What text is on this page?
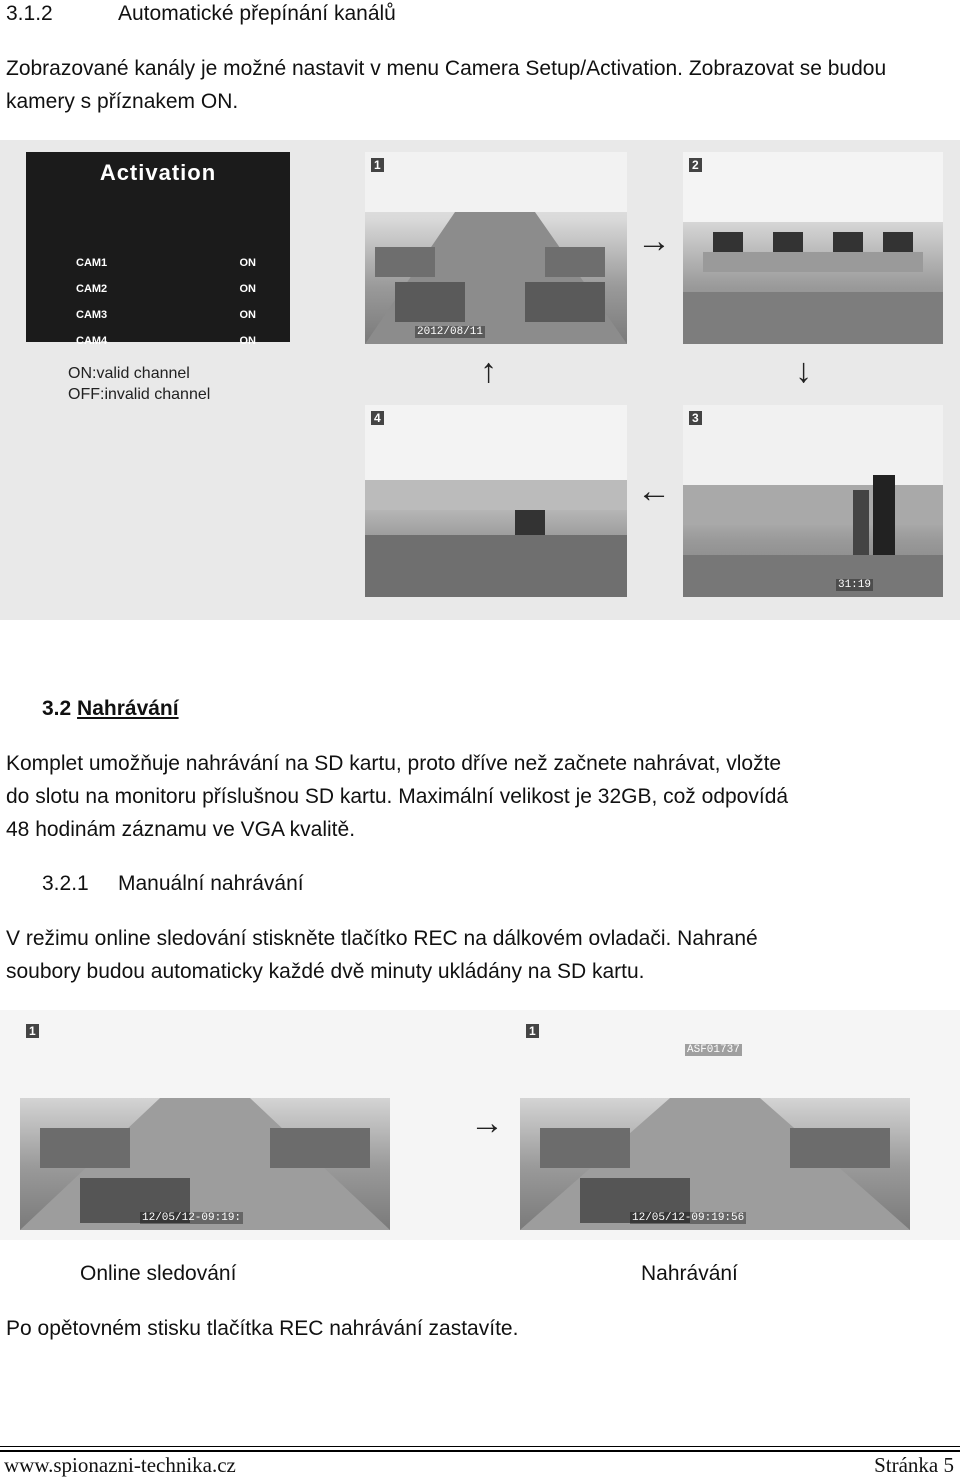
3.1.2	Automatické přepínání kanálů

Zobrazované kanály je možné nastavit v menu Camera Setup/Activation. Zobrazovat se budou kamery s příznakem ON.

Activation
CAM1	ON
CAM2	ON
CAM3	ON
CAM4	ON
ON:valid channel
OFF:invalid channel
1
2012/08/11
2
4	3
31:19
→
↓
←
↑
3.2 Nahrávání

Komplet umožňuje nahrávání na SD kartu, proto dříve než začnete nahrávat, vložte

do slotu na monitoru příslušnou SD kartu. Maximální velikost je 32GB, což odpovídá

48 hodinám záznamu ve VGA kvalitě.

3.2.1 Manuální nahrávání

V režimu online sledování stiskněte tlačítko REC na dálkovém ovladači. Nahrané

soubory budou automaticky každé dvě minuty ukládány na SD kartu.

1
12/05/12-09:19:
→
1
ASF01737
12/05/12-09:19:56
Online sledování	Nahrávání

Po opětovném stisku tlačítka REC nahrávání zastavíte.

www.spionazni-technika.cz	Stránka 5
